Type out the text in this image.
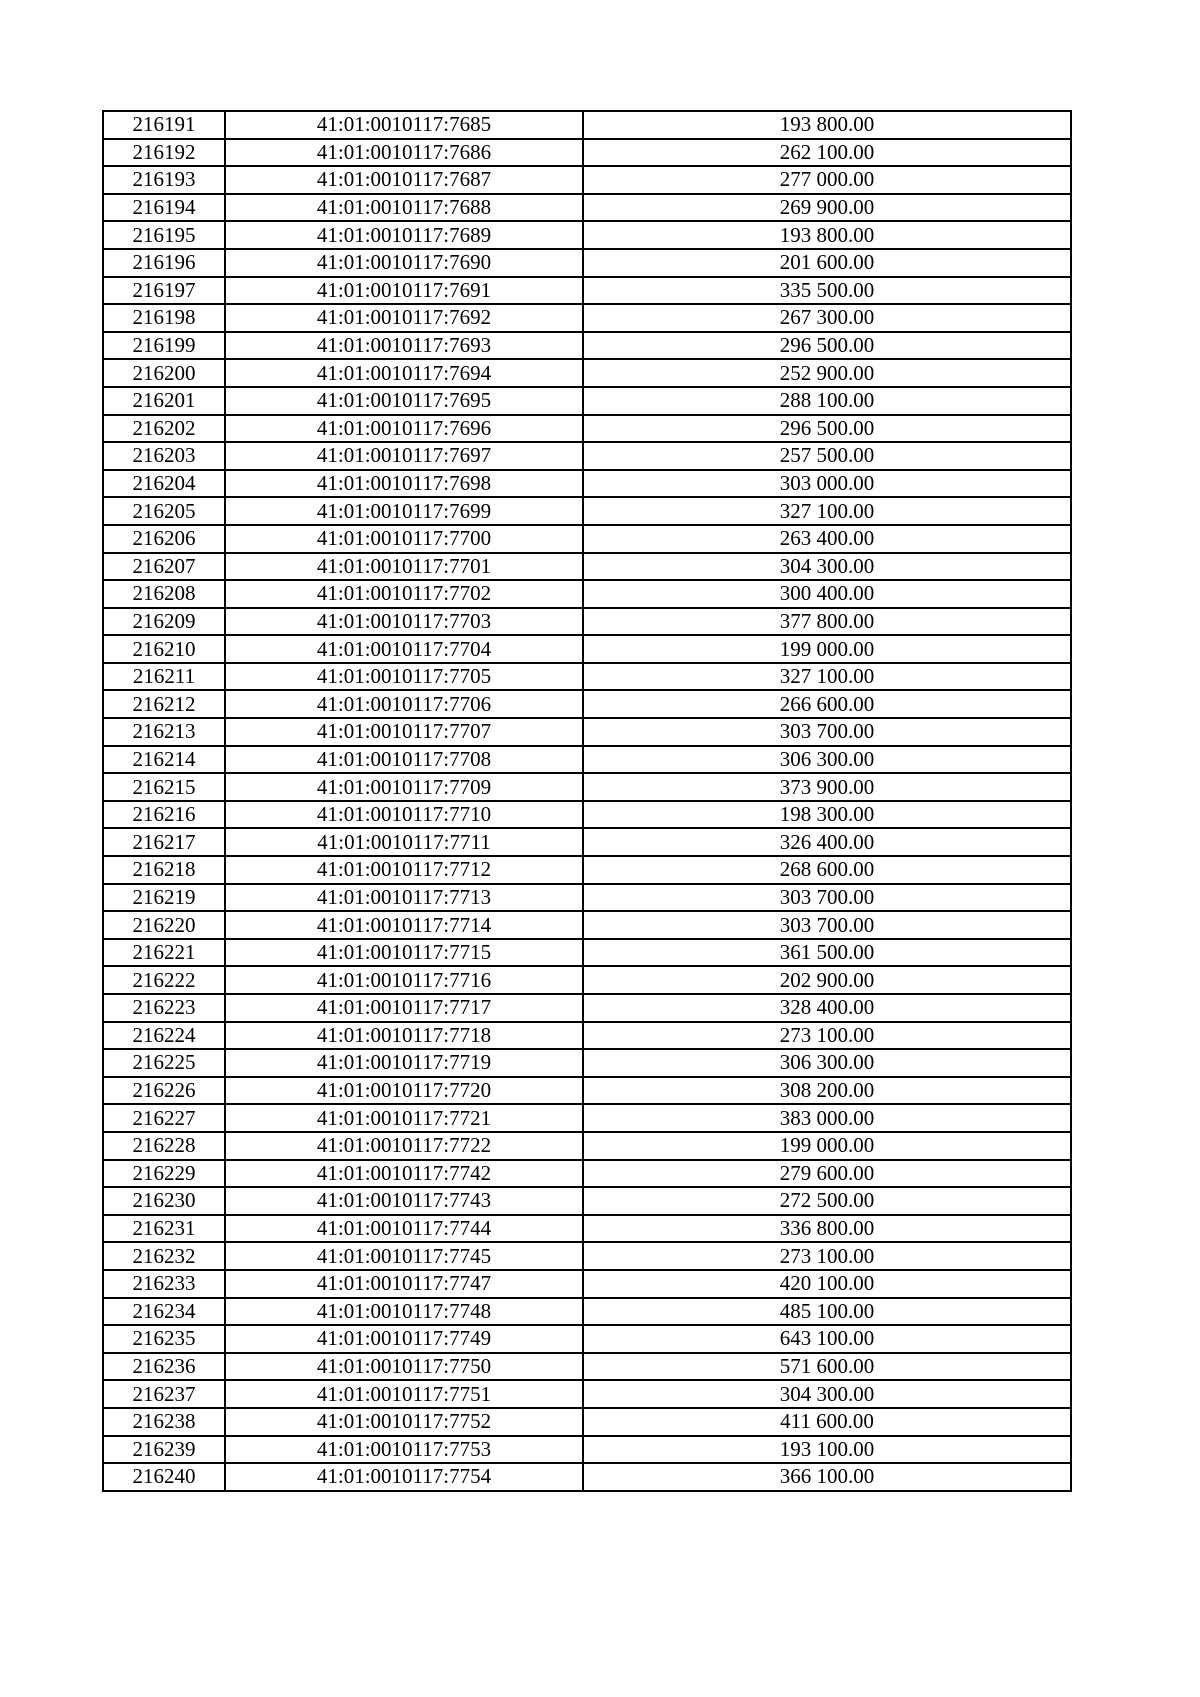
216191	41:01:0010117:7685	193 800.00
216192	41:01:0010117:7686	262 100.00
216193	41:01:0010117:7687	277 000.00
216194	41:01:0010117:7688	269 900.00
216195	41:01:0010117:7689	193 800.00
216196	41:01:0010117:7690	201 600.00
216197	41:01:0010117:7691	335 500.00
216198	41:01:0010117:7692	267 300.00
216199	41:01:0010117:7693	296 500.00
216200	41:01:0010117:7694	252 900.00
216201	41:01:0010117:7695	288 100.00
216202	41:01:0010117:7696	296 500.00
216203	41:01:0010117:7697	257 500.00
216204	41:01:0010117:7698	303 000.00
216205	41:01:0010117:7699	327 100.00
216206	41:01:0010117:7700	263 400.00
216207	41:01:0010117:7701	304 300.00
216208	41:01:0010117:7702	300 400.00
216209	41:01:0010117:7703	377 800.00
216210	41:01:0010117:7704	199 000.00
216211	41:01:0010117:7705	327 100.00
216212	41:01:0010117:7706	266 600.00
216213	41:01:0010117:7707	303 700.00
216214	41:01:0010117:7708	306 300.00
216215	41:01:0010117:7709	373 900.00
216216	41:01:0010117:7710	198 300.00
216217	41:01:0010117:7711	326 400.00
216218	41:01:0010117:7712	268 600.00
216219	41:01:0010117:7713	303 700.00
216220	41:01:0010117:7714	303 700.00
216221	41:01:0010117:7715	361 500.00
216222	41:01:0010117:7716	202 900.00
216223	41:01:0010117:7717	328 400.00
216224	41:01:0010117:7718	273 100.00
216225	41:01:0010117:7719	306 300.00
216226	41:01:0010117:7720	308 200.00
216227	41:01:0010117:7721	383 000.00
216228	41:01:0010117:7722	199 000.00
216229	41:01:0010117:7742	279 600.00
216230	41:01:0010117:7743	272 500.00
216231	41:01:0010117:7744	336 800.00
216232	41:01:0010117:7745	273 100.00
216233	41:01:0010117:7747	420 100.00
216234	41:01:0010117:7748	485 100.00
216235	41:01:0010117:7749	643 100.00
216236	41:01:0010117:7750	571 600.00
216237	41:01:0010117:7751	304 300.00
216238	41:01:0010117:7752	411 600.00
216239	41:01:0010117:7753	193 100.00
216240	41:01:0010117:7754	366 100.00
